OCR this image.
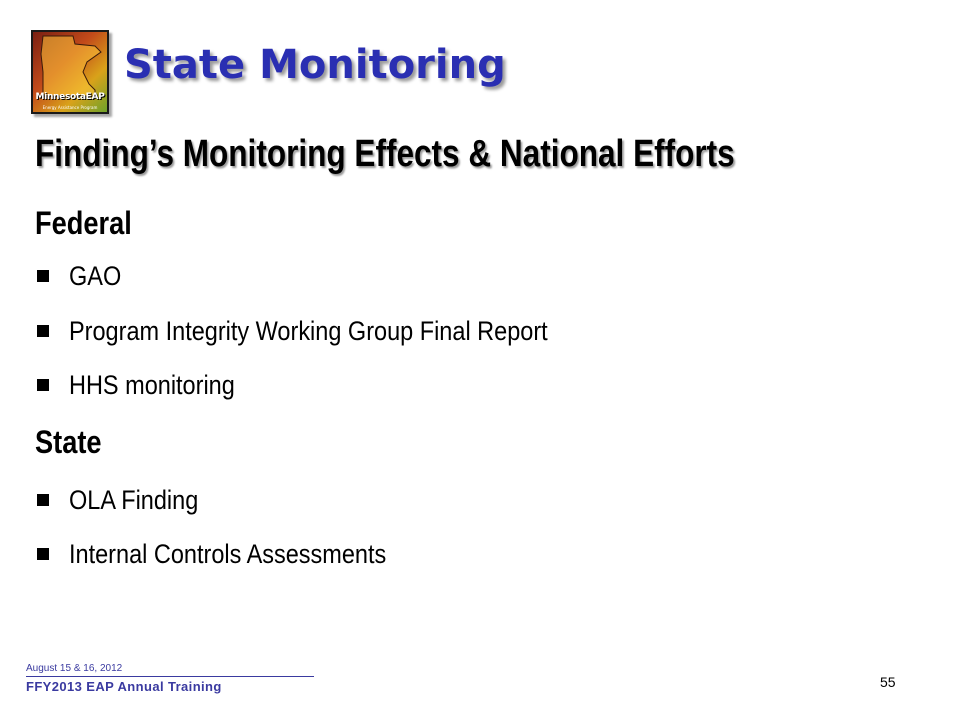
MinnesotaEAP
Energy Assistance Program
State Monitoring
Finding’s Monitoring Effects & National Efforts
Federal
GAO
Program Integrity Working Group Final Report
HHS monitoring
State
OLA Finding
Internal Controls Assessments
August 15 & 16, 2012
FFY2013 EAP Annual Training	55
